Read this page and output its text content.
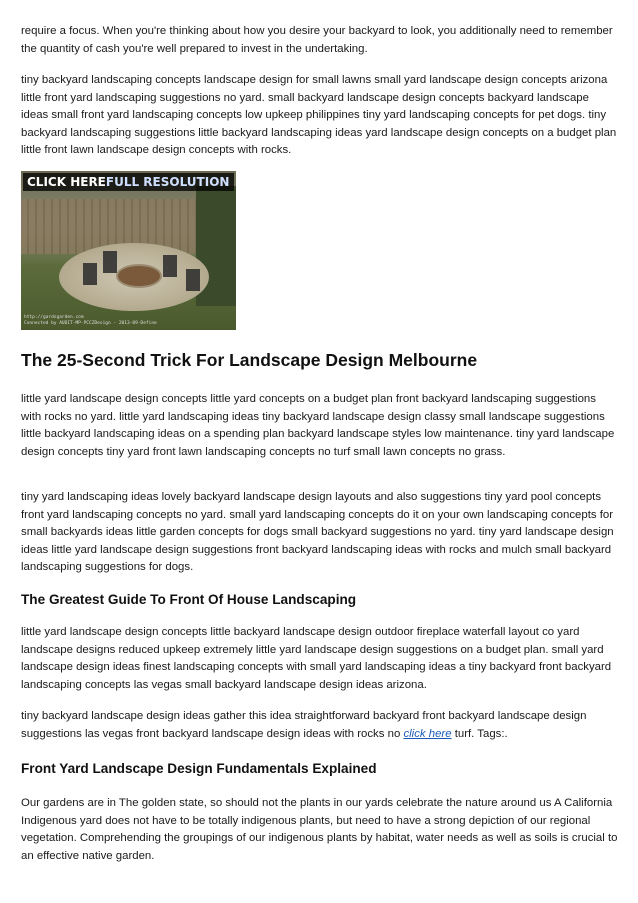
require a focus. When you're thinking about how you desire your backyard to look, you additionally need to remember the quantity of cash you're well prepared to invest in the undertaking.

tiny backyard landscaping concepts landscape design for small lawns small yard landscape design concepts arizona little front yard landscaping suggestions no yard. small backyard landscape design concepts backyard landscape ideas small front yard landscaping concepts low upkeep philippines tiny yard landscaping concepts for pet dogs. tiny backyard landscaping suggestions little backyard landscaping ideas yard landscape design concepts on a budget plan little front lawn landscape design concepts with rocks.

CLICK HEREFULL RESOLUTION
http://gardsgarden.com
Connected by AUDIT-MP-PCCZDesign - 2013-09-Define
The 25-Second Trick For Landscape Design Melbourne

little yard landscape design concepts little yard concepts on a budget plan front backyard landscaping suggestions with rocks no yard. little yard landscaping ideas tiny backyard landscape design classy small landscape suggestions little backyard landscaping ideas on a spending plan backyard landscape styles low maintenance. tiny yard landscape design concepts tiny yard front lawn landscaping concepts no turf small lawn concepts no grass.

tiny yard landscaping ideas lovely backyard landscape design layouts and also suggestions tiny yard pool concepts front yard landscaping concepts no yard. small yard landscaping concepts do it on your own landscaping concepts for small backyards ideas little garden concepts for dogs small backyard suggestions no yard. tiny yard landscape design ideas little yard landscape design suggestions front backyard landscaping ideas with rocks and mulch small backyard landscaping suggestions for dogs.

The Greatest Guide To Front Of House Landscaping

little yard landscape design concepts little backyard landscape design outdoor fireplace waterfall layout co yard landscape designs reduced upkeep extremely little yard landscape design suggestions on a budget plan. small yard landscape design ideas finest landscaping concepts with small yard landscaping ideas a tiny backyard front backyard landscaping concepts las vegas small backyard landscape design ideas arizona.

tiny backyard landscape design ideas gather this idea straightforward backyard front backyard landscape design suggestions las vegas front backyard landscape design ideas with rocks no click here turf. Tags:.

Front Yard Landscape Design Fundamentals Explained

Our gardens are in The golden state, so should not the plants in our yards celebrate the nature around us A California Indigenous yard does not have to be totally indigenous plants, but need to have a strong depiction of our regional vegetation. Comprehending the groupings of our indigenous plants by habitat, water needs as well as soils is crucial to an effective native garden.
